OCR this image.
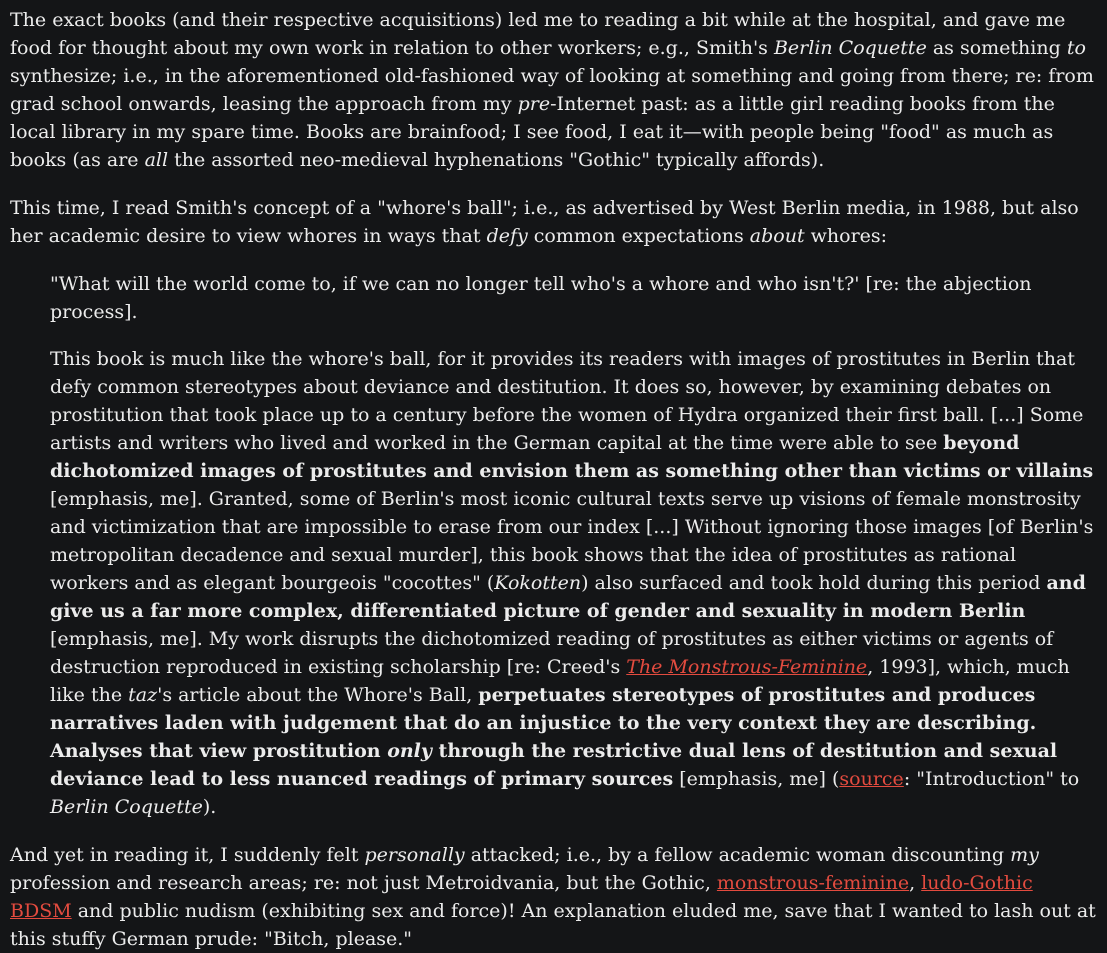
The exact books (and their respective acquisitions) led me to reading a bit while at the hospital, and gave me food for thought about my own work in relation to other workers; e.g., Smith's Berlin Coquette as something to synthesize; i.e., in the aforementioned old-fashioned way of looking at something and going from there; re: from grad school onwards, leasing the approach from my pre-Internet past: as a little girl reading books from the local library in my spare time. Books are brainfood; I see food, I eat it—with people being "food" as much as books (as are all the assorted neo-medieval hyphenations "Gothic" typically affords).

This time, I read Smith's concept of a "whore's ball"; i.e., as advertised by West Berlin media, in 1988, but also her academic desire to view whores in ways that defy common expectations about whores:

"What will the world come to, if we can no longer tell who's a whore and who isn't?' [re: the abjection process].

This book is much like the whore's ball, for it provides its readers with images of prostitutes in Berlin that defy common stereotypes about deviance and destitution. It does so, however, by examining debates on prostitution that took place up to a century before the women of Hydra organized their first ball. [...] Some artists and writers who lived and worked in the German capital at the time were able to see beyond dichotomized images of prostitutes and envision them as something other than victims or villains [emphasis, me]. Granted, some of Berlin's most iconic cultural texts serve up visions of female monstrosity and victimization that are impossible to erase from our index [...] Without ignoring those images [of Berlin's metropolitan decadence and sexual murder], this book shows that the idea of prostitutes as rational workers and as elegant bourgeois "cocottes" (Kokotten) also surfaced and took hold during this period and give us a far more complex, differentiated picture of gender and sexuality in modern Berlin [emphasis, me]. My work disrupts the dichotomized reading of prostitutes as either victims or agents of destruction reproduced in existing scholarship [re: Creed's The Monstrous-Feminine, 1993], which, much like the taz's article about the Whore's Ball, perpetuates stereotypes of prostitutes and produces narratives laden with judgement that do an injustice to the very context they are describing. Analyses that view prostitution only through the restrictive dual lens of destitution and sexual deviance lead to less nuanced readings of primary sources [emphasis, me] (source: "Introduction" to Berlin Coquette).

And yet in reading it, I suddenly felt personally attacked; i.e., by a fellow academic woman discounting my profession and research areas; re: not just Metroidvania, but the Gothic, monstrous-feminine, ludo-Gothic BDSM and public nudism (exhibiting sex and force)! An explanation eluded me, save that I wanted to lash out at this stuffy German prude: "Bitch, please."
